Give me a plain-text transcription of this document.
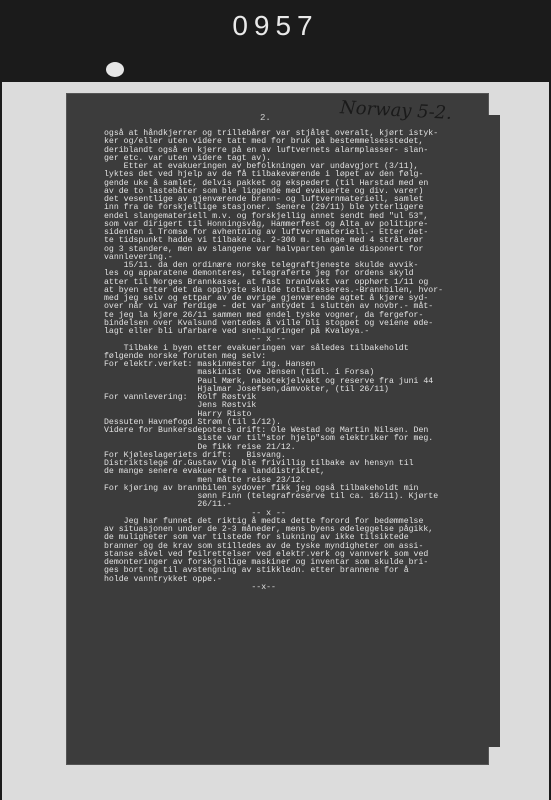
0957
Norway 5-2.
2.
også at håndkjerrer og trillebårer var stjålet overalt, kjørt istyk-
ker og/eller uten videre tatt med for bruk på bestemmelsesstedet,
deriblandt også en kjerre på en av luftvernets alarmplasser- slan-
ger etc. var uten videre tagt av).
Etter at evakueringen av befolkningen var undavgjort (3/11),
lyktes det ved hjelp av de få tilbakeværende i løpet av den følg-
gende uke å samlet, delvis pakket og ekspedert (til Harstad med en
av de to lastebåter som ble liggende med evakuerte og div. varer)
det vesentlige av gjenværende brann- og luftvernmateriell, samlet
inn fra de forskjellige stasjoner. Senere (29/11) ble ytterligere
endel slangemateriell m.v. og forskjellig annet sendt med "ul 53",
som var dirigert til Honningsvåg, Hammerfest og Alta av politipre-
sidenten i Tromsø for avhentning av luftvernmateriell.- Etter det-
te tidspunkt hadde vi tilbake ca. 2-300 m. slange med 4 strålerør
og 3 standere, men av slangene var halvparten gamle disponert for
vannlevering.-
15/11. da den ordinære norske telegraftjeneste skulde avvik-
les og apparatene demonteres, telegraferte jeg for ordens skyld
atter til Norges Brannkasse, at fast brandvakt var opphørt 1/11 og
at byen etter det da opplyste skulde totalrasseres.-Brannbilen, hvor-
med jeg selv og ettpar av de øvrige gjenværende agtet å kjøre syd-
over når vi var ferdige - det var antydet i slutten av novbr.- måt-
te jeg la kjøre 26/11 sammen med endel tyske vogner, da fergefor-
bindelsen over Kvalsund ventedes å ville bli stoppet og veiene øde-
lagt eller bli ufarbare ved snehindringer på Kvaløya.-
-- x --
Tilbake i byen etter evakueringen var således tilbakeholdt
følgende norske foruten meg selv:
For elektr.verket: maskinmester ing. Hansen
maskinist Ove Jensen (tidl. i Forsa)
Paul Mærk, nabotekjelvakt og reserve fra juni 44
Hjalmar Josefsen,damvokter, (til 26/11)
For vannlevering:  Rolf Røstvik
Jens Røstvik
Harry Risto
Dessuten Havnefogd Strøm (til 1/12).
Videre for Bunkersdepotets drift: Ole Westad og Martin Nilsen. Den
siste var til"stor hjelp"som elektriker for meg.
De fikk reise 21/12.
For Kjøleslageriets drift:   Bisvang.
Distriktslege dr.Gustav Vig ble frivillig tilbake av hensyn til
de mange senere evakuerte fra landdistriktet,
men måtte reise 23/12.
For kjøring av brannbilen sydover fikk jeg også tilbakeholdt min
sønn Finn (telegrafreserve til ca. 16/11). Kjørte
26/11.-
-- x --
Jeg har funnet det riktig å medta dette forord for bedømmelse
av situasjonen under de 2-3 måneder, mens byens ødeleggelse pågikk,
de muligheter som var tilstede for slukning av ikke tilsiktede
branner og de krav som stilledes av de tyske myndigheter om assi-
stanse såvel ved feilrettelser ved elektr.verk og vannverk som ved
demonteringer av forskjellige maskiner og inventar som skulde bri-
ges bort og til avstengning av stikkledn. etter brannene for å
holde vanntrykket oppe.-
--x--
